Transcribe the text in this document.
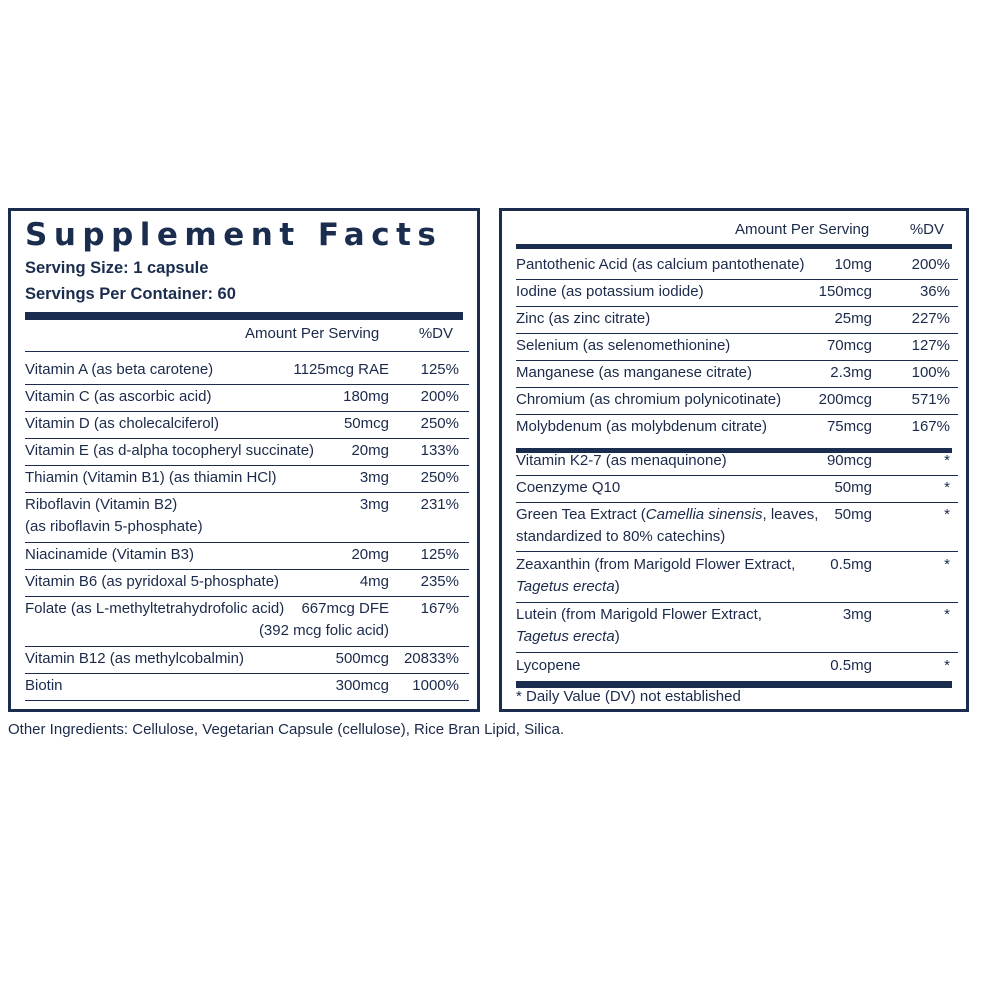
Supplement Facts
Serving Size: 1 capsule
Servings Per Container: 60
Amount Per Serving	%DV
Vitamin A (as beta carotene)	1125mcg RAE 125%
Vitamin C (as ascorbic acid)	180mg 200%
Vitamin D (as cholecalciferol)	50mcg 250%
Vitamin E (as d-alpha tocopheryl succinate) 20mg 133%
Thiamin (Vitamin B1) (as thiamin HCl)	3mg 250%
Riboflavin (Vitamin B2)
(as riboflavin 5-phosphate)
3mg 231%
Niacinamide (Vitamin B3)	20mg 125%
Vitamin B6 (as pyridoxal 5-phosphate)	4mg 235%
Folate (as L-methyltetrahydrofolic acid) 667mcg DFE
(392 mcg folic acid)
167%
Vitamin B12 (as methylcobalmin)	500mcg 20833%
Biotin	300mcg 1000%
Amount Per Serving	%DV
Pantothenic Acid (as calcium pantothenate) 10mg	200%
Iodine (as potassium iodide)	150mcg	36%
Zinc (as zinc citrate)	25mg	227%
Selenium (as selenomethionine)	70mcg	127%
Manganese (as manganese citrate)	2.3mg	100%
Chromium (as chromium polynicotinate)	200mcg	571%
Molybdenum (as molybdenum citrate)	75mcg	167%
Vitamin K2-7 (as menaquinone)	90mcg	*
Coenzyme Q10	50mg	*
Green Tea Extract (Camellia sinensis, leaves,
standardized to 80% catechins)
50mg	*
Zeaxanthin (from Marigold Flower Extract,
Tagetus erecta)
0.5mg	*
Lutein (from Marigold Flower Extract,
Tagetus erecta)
3mg	*
Lycopene	0.5mg	*
* Daily Value (DV) not established
Other Ingredients: Cellulose, Vegetarian Capsule (cellulose), Rice Bran Lipid, Silica.
